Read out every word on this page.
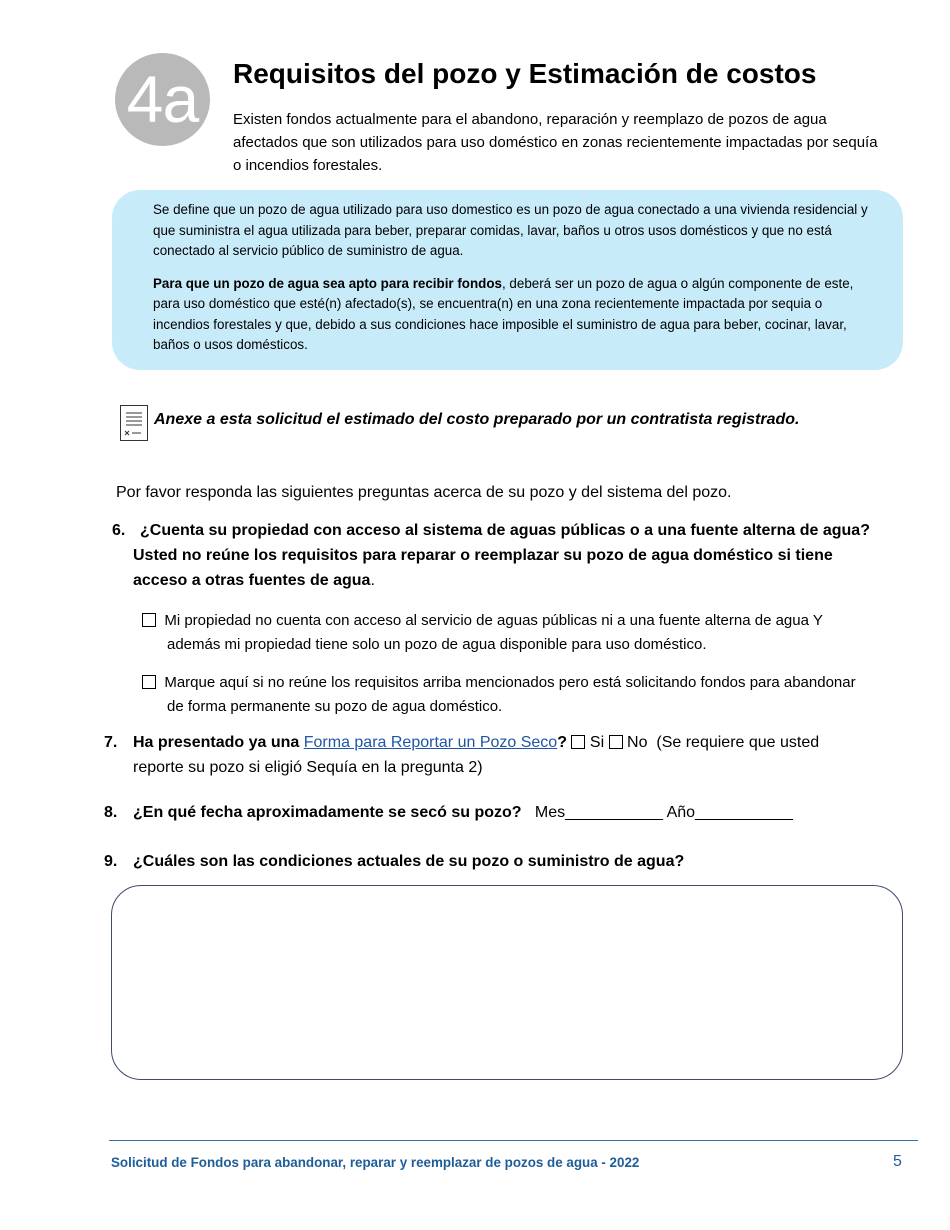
4a	Requisitos del pozo y Estimación de costos

Existen fondos actualmente para el abandono, reparación y reemplazo de pozos de agua afectados que son utilizados para uso doméstico en zonas recientemente impactadas por sequía o incendios forestales.

Se define que un pozo de agua utilizado para uso domestico es un pozo de agua conectado a una vivienda residencial y que suministra el agua utilizada para beber, preparar comidas, lavar, baños u otros usos domésticos y que no está conectado al servicio público de suministro de agua.

Para que un pozo de agua sea apto para recibir fondos, deberá ser un pozo de agua o algún componente de este, para uso doméstico que esté(n) afectado(s), se encuentra(n) en una zona recientemente impactada por sequia o incendios forestales y que, debido a sus condiciones hace imposible el suministro de agua para beber, cocinar, lavar, baños o usos domésticos.

Anexe a esta solicitud el estimado del costo preparado por un contratista registrado.

Por favor responda las siguientes preguntas acerca de su pozo y del sistema del pozo.

6. ¿Cuenta su propiedad con acceso al sistema de aguas públicas o a una fuente alterna de agua? Usted no reúne los requisitos para reparar o reemplazar su pozo de agua doméstico si tiene acceso a otras fuentes de agua.
Mi propiedad no cuenta con acceso al servicio de aguas públicas ni a una fuente alterna de agua Y además mi propiedad tiene solo un pozo de agua disponible para uso doméstico.
Marque aquí si no reúne los requisitos arriba mencionados pero está solicitando fondos para abandonar de forma permanente su pozo de agua doméstico.
7. Ha presentado ya una Forma para Reportar un Pozo Seco? Si No (Se requiere que usted reporte su pozo si eligió Sequía en la pregunta 2)
8. ¿En qué fecha aproximadamente se secó su pozo? Mes___________ Año___________
9. ¿Cuáles son las condiciones actuales de su pozo o suministro de agua?
Solicitud de Fondos para abandonar, reparar y reemplazar de pozos de agua - 2022	5
